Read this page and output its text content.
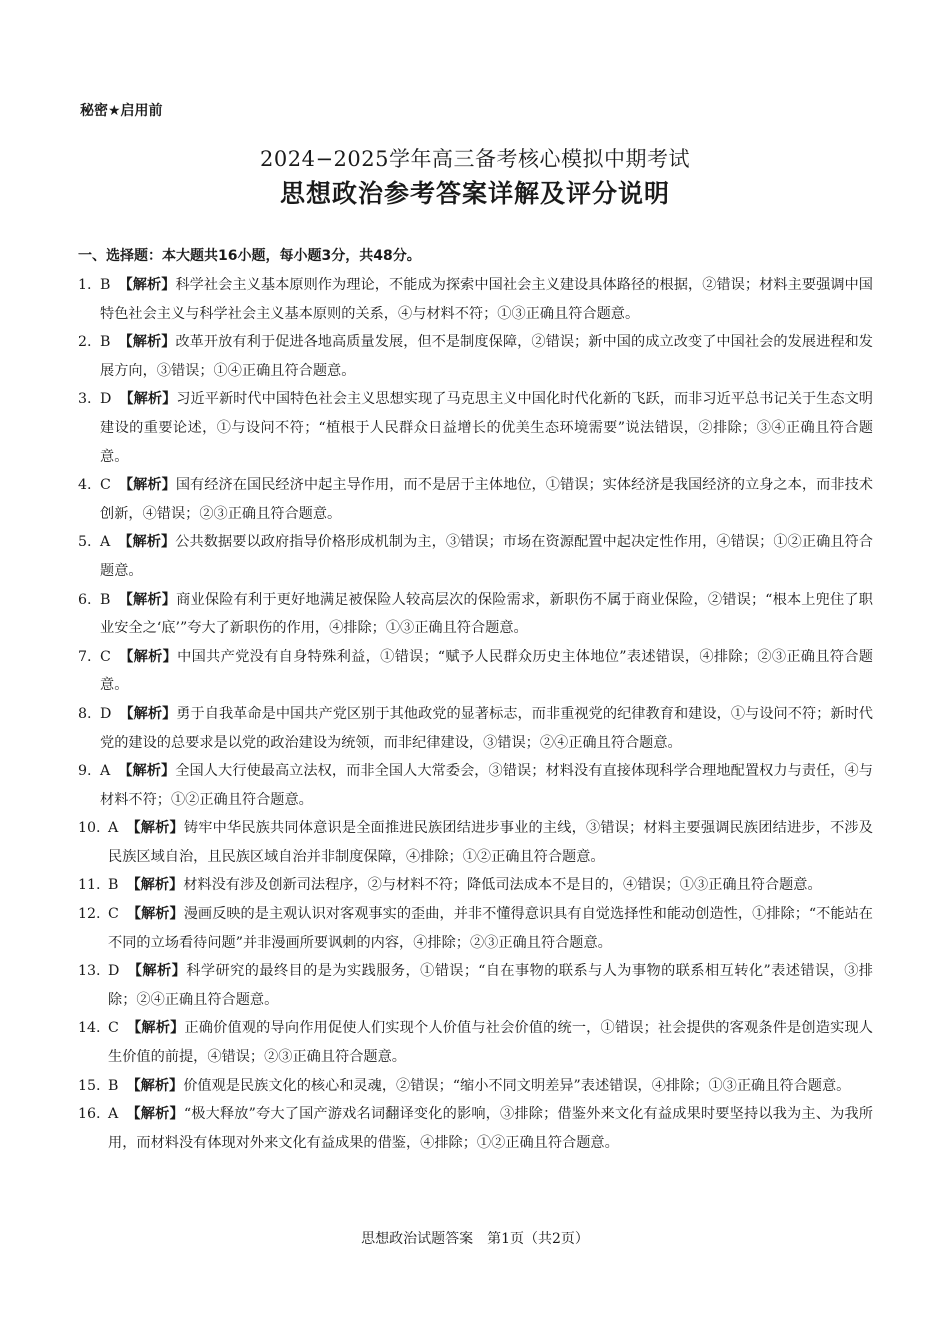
秘密★启用前
2024−2025学年高三备考核心模拟中期考试
思想政治参考答案详解及评分说明
一、选择题：本大题共16小题，每小题3分，共48分。
1. B 【解析】科学社会主义基本原则作为理论，不能成为探索中国社会主义建设具体路径的根据，②错误；材料主要强调中国特色社会主义与科学社会主义基本原则的关系，④与材料不符；①③正确且符合题意。
2. B 【解析】改革开放有利于促进各地高质量发展，但不是制度保障，②错误；新中国的成立改变了中国社会的发展进程和发展方向，③错误；①④正确且符合题意。
3. D 【解析】习近平新时代中国特色社会主义思想实现了马克思主义中国化时代化新的飞跃，而非习近平总书记关于生态文明建设的重要论述，①与设问不符；“植根于人民群众日益增长的优美生态环境需要”说法错误，②排除；③④正确且符合题意。
4. C 【解析】国有经济在国民经济中起主导作用，而不是居于主体地位，①错误；实体经济是我国经济的立身之本，而非技术创新，④错误；②③正确且符合题意。
5. A 【解析】公共数据要以政府指导价格形成机制为主，③错误；市场在资源配置中起决定性作用，④错误；①②正确且符合题意。
6. B 【解析】商业保险有利于更好地满足被保险人较高层次的保险需求，新职伤不属于商业保险，②错误；“根本上兜住了职业安全之‘底’”夸大了新职伤的作用，④排除；①③正确且符合题意。
7. C 【解析】中国共产党没有自身特殊利益，①错误；“赋予人民群众历史主体地位”表述错误，④排除；②③正确且符合题意。
8. D 【解析】勇于自我革命是中国共产党区别于其他政党的显著标志，而非重视党的纪律教育和建设，①与设问不符；新时代党的建设的总要求是以党的政治建设为统领，而非纪律建设，③错误；②④正确且符合题意。
9. A 【解析】全国人大行使最高立法权，而非全国人大常委会，③错误；材料没有直接体现科学合理地配置权力与责任，④与材料不符；①②正确且符合题意。
10. A 【解析】铸牢中华民族共同体意识是全面推进民族团结进步事业的主线，③错误；材料主要强调民族团结进步，不涉及民族区域自治，且民族区域自治并非制度保障，④排除；①②正确且符合题意。
11. B 【解析】材料没有涉及创新司法程序，②与材料不符；降低司法成本不是目的，④错误；①③正确且符合题意。
12. C 【解析】漫画反映的是主观认识对客观事实的歪曲，并非不懂得意识具有自觉选择性和能动创造性，①排除；“不能站在不同的立场看待问题”并非漫画所要讽刺的内容，④排除；②③正确且符合题意。
13. D 【解析】科学研究的最终目的是为实践服务，①错误；“自在事物的联系与人为事物的联系相互转化”表述错误，③排除；②④正确且符合题意。
14. C 【解析】正确价值观的导向作用促使人们实现个人价值与社会价值的统一，①错误；社会提供的客观条件是创造实现人生价值的前提，④错误；②③正确且符合题意。
15. B 【解析】价值观是民族文化的核心和灵魂，②错误；“缩小不同文明差异”表述错误，④排除；①③正确且符合题意。
16. A 【解析】“极大释放”夸大了国产游戏名词翻译变化的影响，③排除；借鉴外来文化有益成果时要坚持以我为主、为我所用，而材料没有体现对外来文化有益成果的借鉴，④排除；①②正确且符合题意。
思想政治试题答案　第1页（共2页）
